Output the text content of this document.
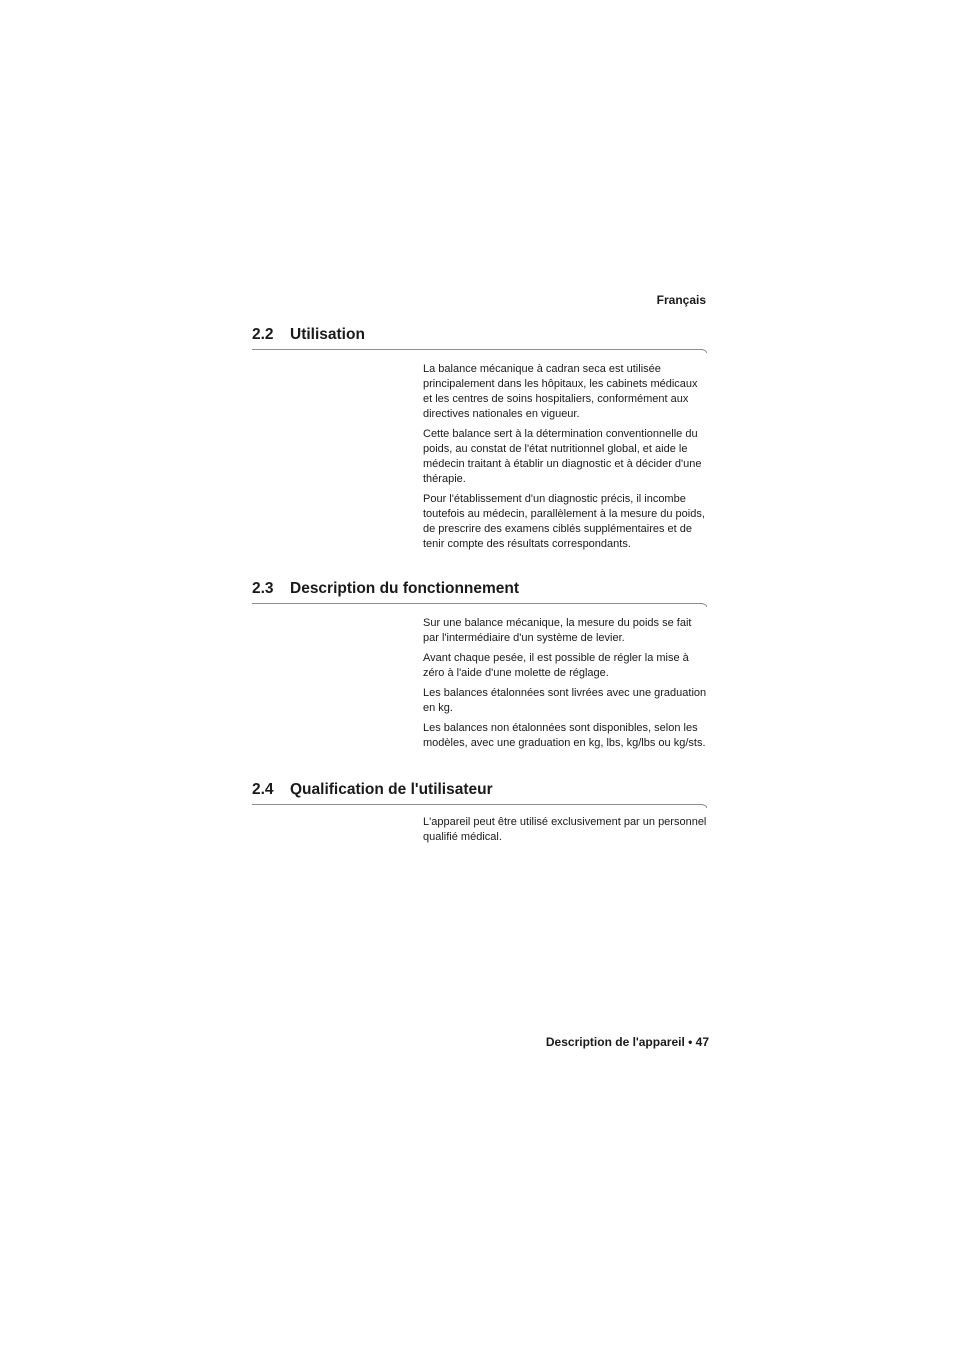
Français
2.2 Utilisation

La balance mécanique à cadran seca est utilisée principalement dans les hôpitaux, les cabinets médicaux et les centres de soins hospitaliers, conformément aux directives nationales en vigueur.

Cette balance sert à la détermination conventionnelle du poids, au constat de l'état nutritionnel global, et aide le médecin traitant à établir un diagnostic et à décider d'une thérapie.

Pour l'établissement d'un diagnostic précis, il incombe toutefois au médecin, parallèlement à la mesure du poids, de prescrire des examens ciblés supplémentaires et de tenir compte des résultats correspondants.

2.3 Description du fonctionnement

Sur une balance mécanique, la mesure du poids se fait par l'intermédiaire d'un système de levier.

Avant chaque pesée, il est possible de régler la mise à zéro à l'aide d'une molette de réglage.

Les balances étalonnées sont livrées avec une graduation en kg.

Les balances non étalonnées sont disponibles, selon les modèles, avec une graduation en kg, lbs, kg/lbs ou kg/sts.

2.4 Qualification de l'utilisateur

L'appareil peut être utilisé exclusivement par un personnel qualifié médical.

Description de l'appareil • 47
